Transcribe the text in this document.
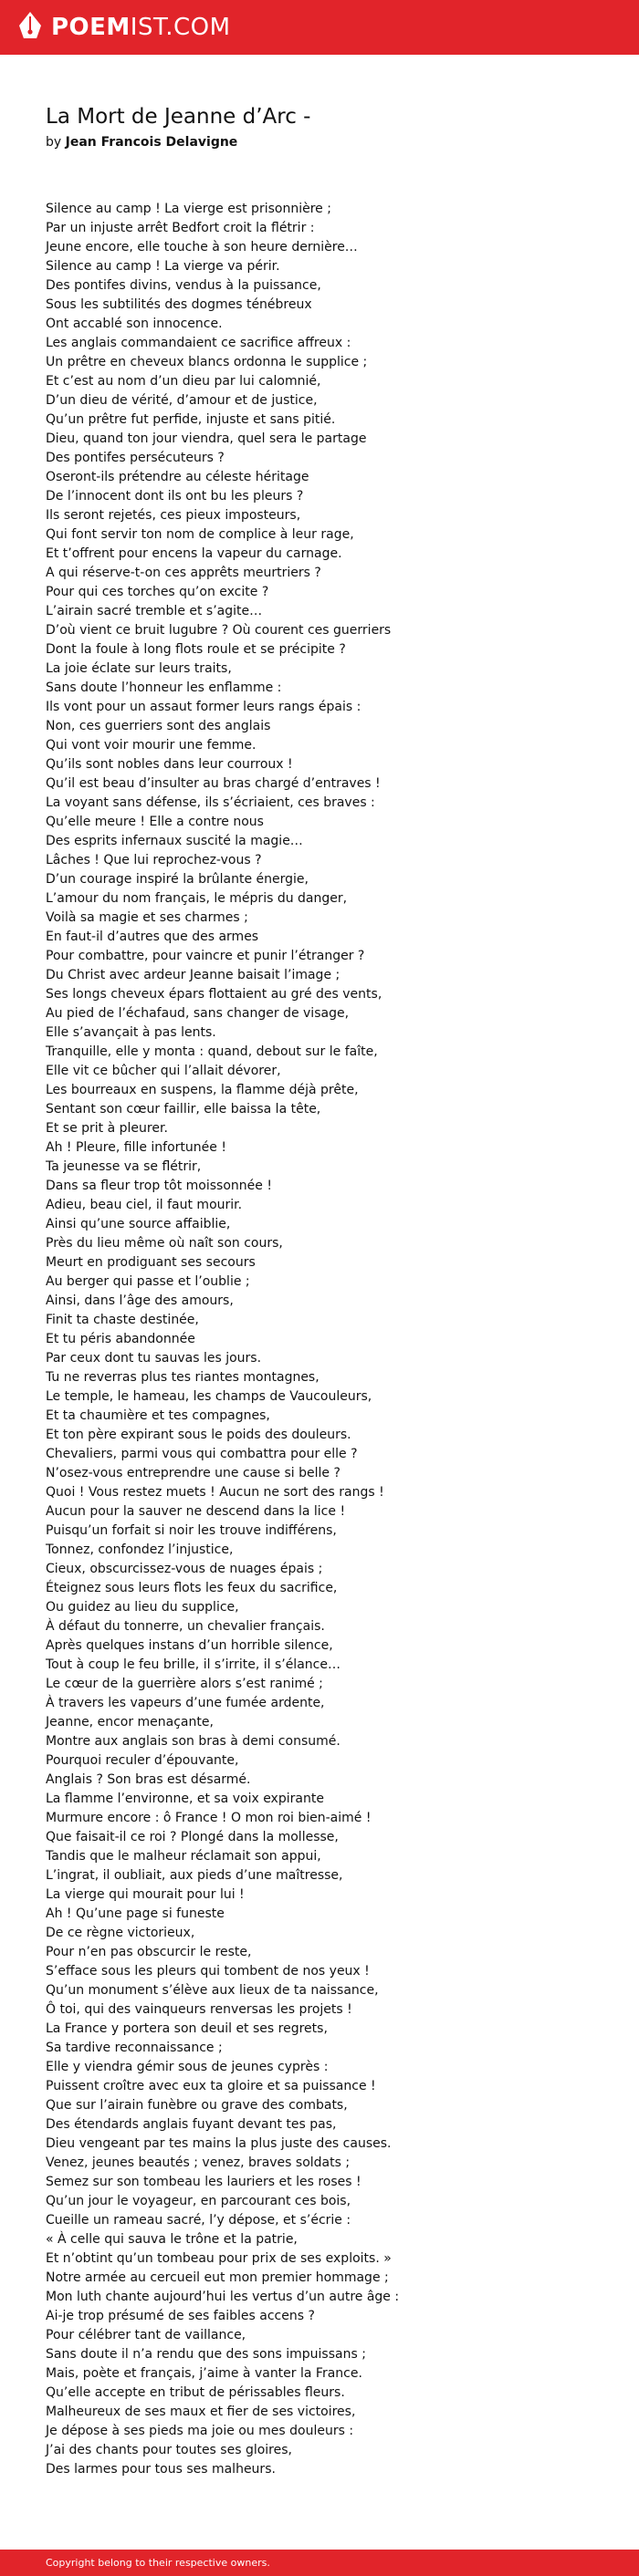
POEMIST.COM
La Mort de Jeanne d’Arc -
by Jean Francois Delavigne
Silence au camp ! La vierge est prisonnière ;
Par un injuste arrêt Bedfort croit la flétrir :
Jeune encore, elle touche à son heure dernière…
Silence au camp ! La vierge va périr.
Des pontifes divins, vendus à la puissance,
Sous les subtilités des dogmes ténébreux
Ont accablé son innocence.
Les anglais commandaient ce sacrifice affreux :
Un prêtre en cheveux blancs ordonna le supplice ;
Et c’est au nom d’un dieu par lui calomnié,
D’un dieu de vérité, d’amour et de justice,
Qu’un prêtre fut perfide, injuste et sans pitié.
Dieu, quand ton jour viendra, quel sera le partage
Des pontifes persécuteurs ?
Oseront-ils prétendre au céleste héritage
De l’innocent dont ils ont bu les pleurs ?
Ils seront rejetés, ces pieux imposteurs,
Qui font servir ton nom de complice à leur rage,
Et t’offrent pour encens la vapeur du carnage.
A qui réserve-t-on ces apprêts meurtriers ?
Pour qui ces torches qu’on excite ?
L’airain sacré tremble et s’agite…
D’où vient ce bruit lugubre ? Où courent ces guerriers
Dont la foule à long flots roule et se précipite ?
La joie éclate sur leurs traits,
Sans doute l’honneur les enflamme :
Ils vont pour un assaut former leurs rangs épais :
Non, ces guerriers sont des anglais
Qui vont voir mourir une femme.
Qu’ils sont nobles dans leur courroux !
Qu’il est beau d’insulter au bras chargé d’entraves !
La voyant sans défense, ils s’écriaient, ces braves :
Qu’elle meure ! Elle a contre nous
Des esprits infernaux suscité la magie…
Lâches ! Que lui reprochez-vous ?
D’un courage inspiré la brûlante énergie,
L’amour du nom français, le mépris du danger,
Voilà sa magie et ses charmes ;
En faut-il d’autres que des armes
Pour combattre, pour vaincre et punir l’étranger ?
Du Christ avec ardeur Jeanne baisait l’image ;
Ses longs cheveux épars flottaient au gré des vents,
Au pied de l’échafaud, sans changer de visage,
Elle s’avançait à pas lents.
Tranquille, elle y monta : quand, debout sur le faîte,
Elle vit ce bûcher qui l’allait dévorer,
Les bourreaux en suspens, la flamme déjà prête,
Sentant son cœur faillir, elle baissa la tête,
Et se prit à pleurer.
Ah ! Pleure, fille infortunée !
Ta jeunesse va se flétrir,
Dans sa fleur trop tôt moissonnée !
Adieu, beau ciel, il faut mourir.
Ainsi qu’une source affaiblie,
Près du lieu même où naît son cours,
Meurt en prodiguant ses secours
Au berger qui passe et l’oublie ;
Ainsi, dans l’âge des amours,
Finit ta chaste destinée,
Et tu péris abandonnée
Par ceux dont tu sauvas les jours.
Tu ne reverras plus tes riantes montagnes,
Le temple, le hameau, les champs de Vaucouleurs,
Et ta chaumière et tes compagnes,
Et ton père expirant sous le poids des douleurs.
Chevaliers, parmi vous qui combattra pour elle ?
N’osez-vous entreprendre une cause si belle ?
Quoi ! Vous restez muets ! Aucun ne sort des rangs !
Aucun pour la sauver ne descend dans la lice !
Puisqu’un forfait si noir les trouve indifférens,
Tonnez, confondez l’injustice,
Cieux, obscurcissez-vous de nuages épais ;
Éteignez sous leurs flots les feux du sacrifice,
Ou guidez au lieu du supplice,
À défaut du tonnerre, un chevalier français.
Après quelques instans d’un horrible silence,
Tout à coup le feu brille, il s’irrite, il s’élance…
Le cœur de la guerrière alors s’est ranimé ;
À travers les vapeurs d’une fumée ardente,
Jeanne, encor menaçante,
Montre aux anglais son bras à demi consumé.
Pourquoi reculer d’épouvante,
Anglais ? Son bras est désarmé.
La flamme l’environne, et sa voix expirante
Murmure encore : ô France ! O mon roi bien-aimé !
Que faisait-il ce roi ? Plongé dans la mollesse,
Tandis que le malheur réclamait son appui,
L’ingrat, il oubliait, aux pieds d’une maîtresse,
La vierge qui mourait pour lui !
Ah ! Qu’une page si funeste
De ce règne victorieux,
Pour n’en pas obscurcir le reste,
S’efface sous les pleurs qui tombent de nos yeux !
Qu’un monument s’élève aux lieux de ta naissance,
Ô toi, qui des vainqueurs renversas les projets !
La France y portera son deuil et ses regrets,
Sa tardive reconnaissance ;
Elle y viendra gémir sous de jeunes cyprès :
Puissent croître avec eux ta gloire et sa puissance !
Que sur l’airain funèbre ou grave des combats,
Des étendards anglais fuyant devant tes pas,
Dieu vengeant par tes mains la plus juste des causes.
Venez, jeunes beautés ; venez, braves soldats ;
Semez sur son tombeau les lauriers et les roses !
Qu’un jour le voyageur, en parcourant ces bois,
Cueille un rameau sacré, l’y dépose, et s’écrie :
« À celle qui sauva le trône et la patrie,
Et n’obtint qu’un tombeau pour prix de ses exploits. »
Notre armée au cercueil eut mon premier hommage ;
Mon luth chante aujourd’hui les vertus d’un autre âge :
Ai-je trop présumé de ses faibles accens ?
Pour célébrer tant de vaillance,
Sans doute il n’a rendu que des sons impuissans ;
Mais, poète et français, j’aime à vanter la France.
Qu’elle accepte en tribut de périssables fleurs.
Malheureux de ses maux et fier de ses victoires,
Je dépose à ses pieds ma joie ou mes douleurs :
J’ai des chants pour toutes ses gloires,
Des larmes pour tous ses malheurs.
Copyright belong to their respective owners.
